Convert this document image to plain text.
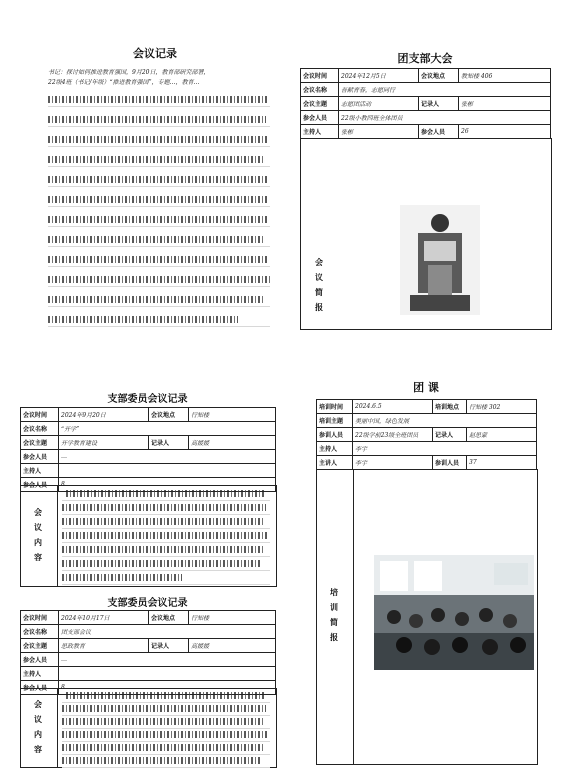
会议记录
书记：探讨如何推进教育强国，9月20日，教育部研究部署，
22级4班（书记/年级）“推进教育强国”，专题…，教育…
团支部大会
会议时间	2024年12月5日	会议地点	教知楼 406
会议名称	吾献青春，志愿同行		
会议主题	志愿团活动	记录人	张彬
参会人员	22级小教四班全体团员		
主持人	张彬	参会人员	26
会
议
简
报
支部委员会议记录
会议时间	2024年9月20日	会议地点	行知楼
会议名称	“开学”		
会议主题	开学教育建设	记录人	高媛媛
参会人员	…		
主持人			
参会人员	8		
会
议
内
容
支部委员会议记录
会议时间	2024年10月17日	会议地点	行知楼
会议名称	团支部会议		
会议主题	思政教育	记录人	高媛媛
参会人员	…		
主持人			
参会人员	8		
会
议
内
容
团 课
培训时间	2024.6.5	培训地点	行知楼 302
培训主题	美丽中国，绿色发展		
参训人员	22级学前23级全班团员	记录人	赵思蒙
主持人	李宇		
主讲人	李宇	参训人员	37
培
训
简
报
